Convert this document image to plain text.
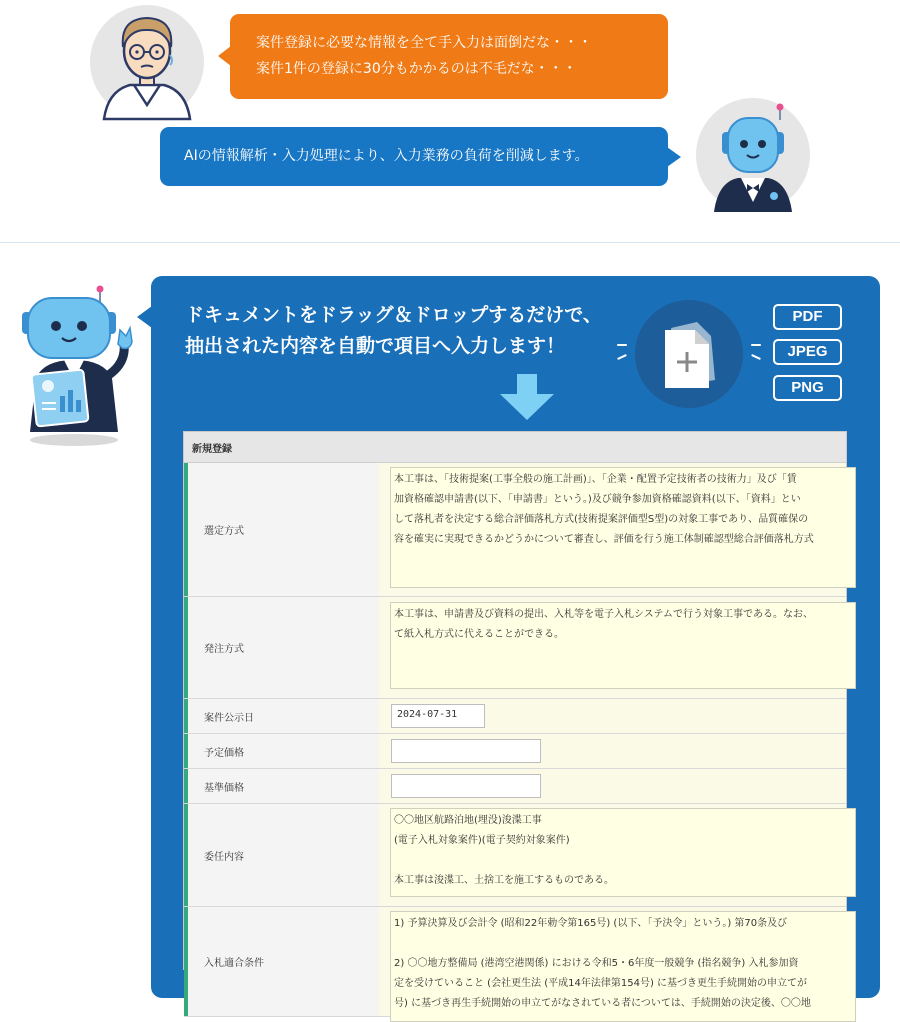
案件登録に必要な情報を全て手入力は面倒だな・・・
案件1件の登録に30分もかかるのは不毛だな・・・
AIの情報解析・入力処理により、入力業務の負荷を削減します。
ドキュメントをドラッグ＆ドロップするだけで、
抽出された内容を自動で項目へ入力します！
PDF
JPEG
PNG
新規登録
選定方式
本工事は、「技術提案(工事全般の施工計画)」、「企業・配置予定技術者の技術力」及び「賃
加資格確認申請書(以下、「申請書」という。)及び競争参加資格確認資料(以下、「資料」とい
して落札者を決定する総合評価落札方式(技術提案評価型S型)の対象工事であり、品質確保の
容を確実に実現できるかどうかについて審査し、評価を行う施工体制確認型総合評価落札方式
発注方式
本工事は、申請書及び資料の提出、入札等を電子入札システムで行う対象工事である。なお、
て紙入札方式に代えることができる。
案件公示日	2024-07-31
予定価格
基準価格
委任内容
〇〇地区航路泊地(埋没)浚渫工事
(電子入札対象案件)(電子契約対象案件)
本工事は浚渫工、土捨工を施工するものである。
入札適合条件
1) 予算決算及び会計令 (昭和22年勅令第165号) (以下、「予決令」という。) 第70条及び
2) 〇〇地方整備局 (港湾空港関係) における令和5・6年度一般競争 (指名競争) 入札参加資
定を受けていること (会社更生法 (平成14年法律第154号) に基づき更生手続開始の申立てが
号) に基づき再生手続開始の申立てがなされている者については、手続開始の決定後、〇〇地
